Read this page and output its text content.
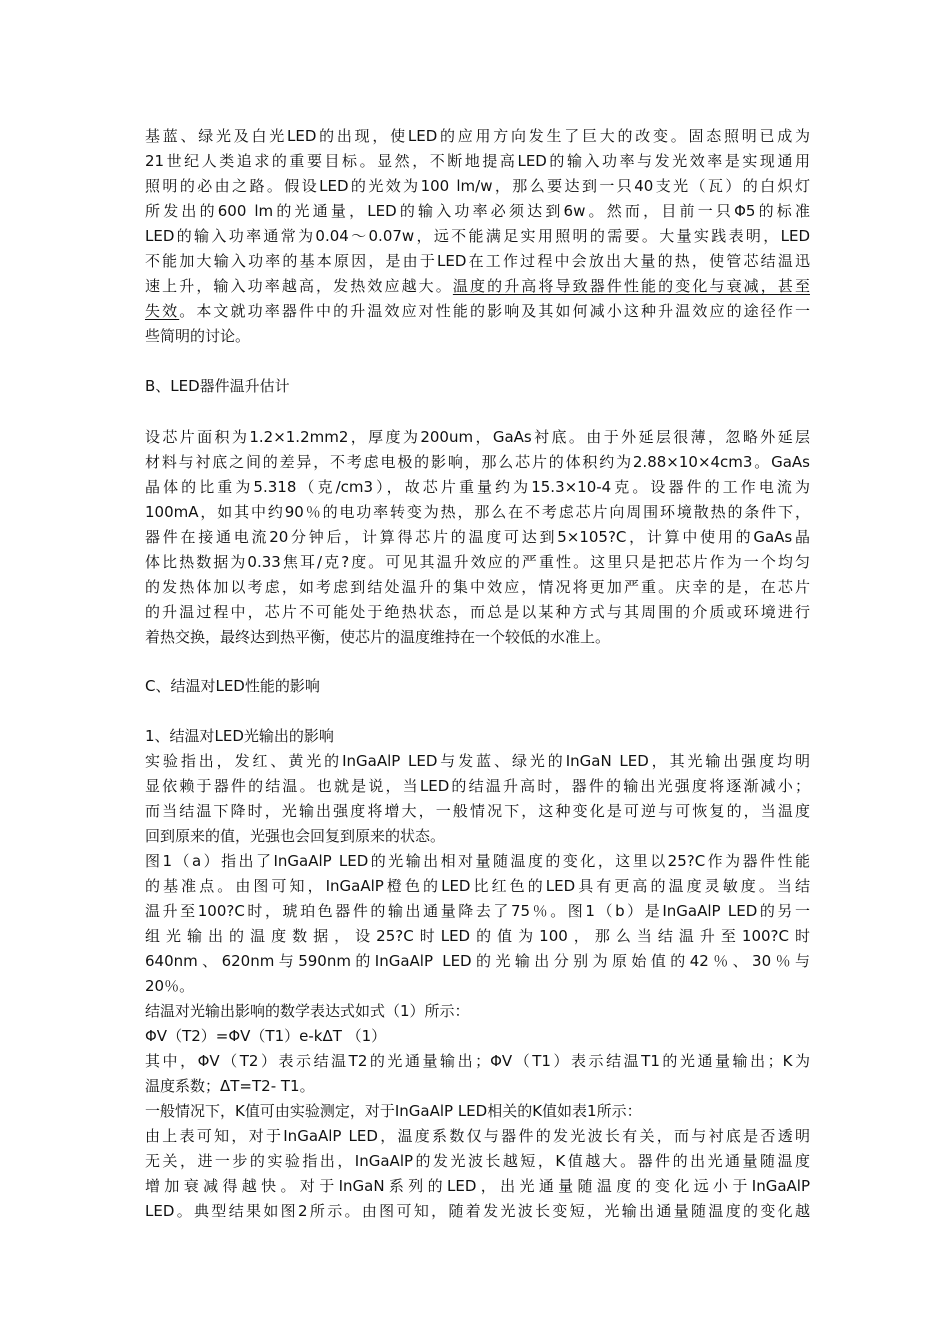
基蓝、绿光及白光LED的出现，使LED的应用方向发生了巨大的改变。固态照明已成为
21世纪人类追求的重要目标。显然，不断地提高LED的输入功率与发光效率是实现通用
照明的必由之路。假设LED的光效为100 lm/w，那么要达到一只40支光（瓦）的白炽灯
所发出的600 lm的光通量，LED的输入功率必须达到6w。然而，目前一只Φ5的标准
LED的输入功率通常为0.04～0.07w，远不能满足实用照明的需要。大量实践表明，LED
不能加大输入功率的基本原因，是由于LED在工作过程中会放出大量的热，使管芯结温迅
速上升，输入功率越高，发热效应越大。温度的升高将导致器件性能的变化与衰减，甚至
失效。本文就功率器件中的升温效应对性能的影响及其如何减小这种升温效应的途径作一
些简明的讨论。
B、LED器件温升估计
设芯片面积为1.2×1.2mm2，厚度为200um，GaAs衬底。由于外延层很薄，忽略外延层
材料与衬底之间的差异，不考虑电极的影响，那么芯片的体积约为2.88×10×4cm3。GaAs
晶体的比重为5.318（克/cm3），故芯片重量约为15.3×10-4克。设器件的工作电流为
100mA，如其中约90％的电功率转变为热，那么在不考虑芯片向周围环境散热的条件下，
器件在接通电流20分钟后，计算得芯片的温度可达到5×105?C，计算中使用的GaAs晶
体比热数据为0.33焦耳/克?度。可见其温升效应的严重性。这里只是把芯片作为一个均匀
的发热体加以考虑，如考虑到结处温升的集中效应，情况将更加严重。庆幸的是，在芯片
的升温过程中，芯片不可能处于绝热状态，而总是以某种方式与其周围的介质或环境进行
着热交换，最终达到热平衡，使芯片的温度维持在一个较低的水准上。
C、结温对LED性能的影响
1、结温对LED光输出的影响
实验指出，发红、黄光的InGaAlP LED与发蓝、绿光的InGaN LED，其光输出强度均明
显依赖于器件的结温。也就是说，当LED的结温升高时，器件的输出光强度将逐渐减小；
而当结温下降时，光输出强度将增大，一般情况下，这种变化是可逆与可恢复的，当温度
回到原来的值，光强也会回复到原来的状态。
图1（a）指出了InGaAlP LED的光输出相对量随温度的变化，这里以25?C作为器件性能
的基准点。由图可知，InGaAlP橙色的LED比红色的LED具有更高的温度灵敏度。当结
温升至100?C时，琥珀色器件的输出通量降去了75％。图1（b）是InGaAlP LED的另一
组光输出的温度数据，设25?C时LED的值为100，那么当结温升至100?C时
640nm、620nm与590nm的InGaAlP LED的光输出分别为原始值的42％、30％与
20％。
结温对光输出影响的数学表达式如式（1）所示：
ΦV（T2）=ΦV（T1）e-kΔT （1）
其中，ΦV（T2）表示结温T2的光通量输出；ΦV（T1）表示结温T1的光通量输出；K为
温度系数；ΔT=T2- T1。
一般情况下，K值可由实验测定，对于InGaAlP LED相关的K值如表1所示：
由上表可知，对于InGaAlP LED，温度系数仅与器件的发光波长有关，而与衬底是否透明
无关，进一步的实验指出，InGaAlP的发光波长越短，K值越大。器件的出光通量随温度
增加衰减得越快。对于InGaN系列的LED，出光通量随温度的变化远小于InGaAlP
LED。典型结果如图2所示。由图可知，随着发光波长变短，光输出通量随温度的变化越
